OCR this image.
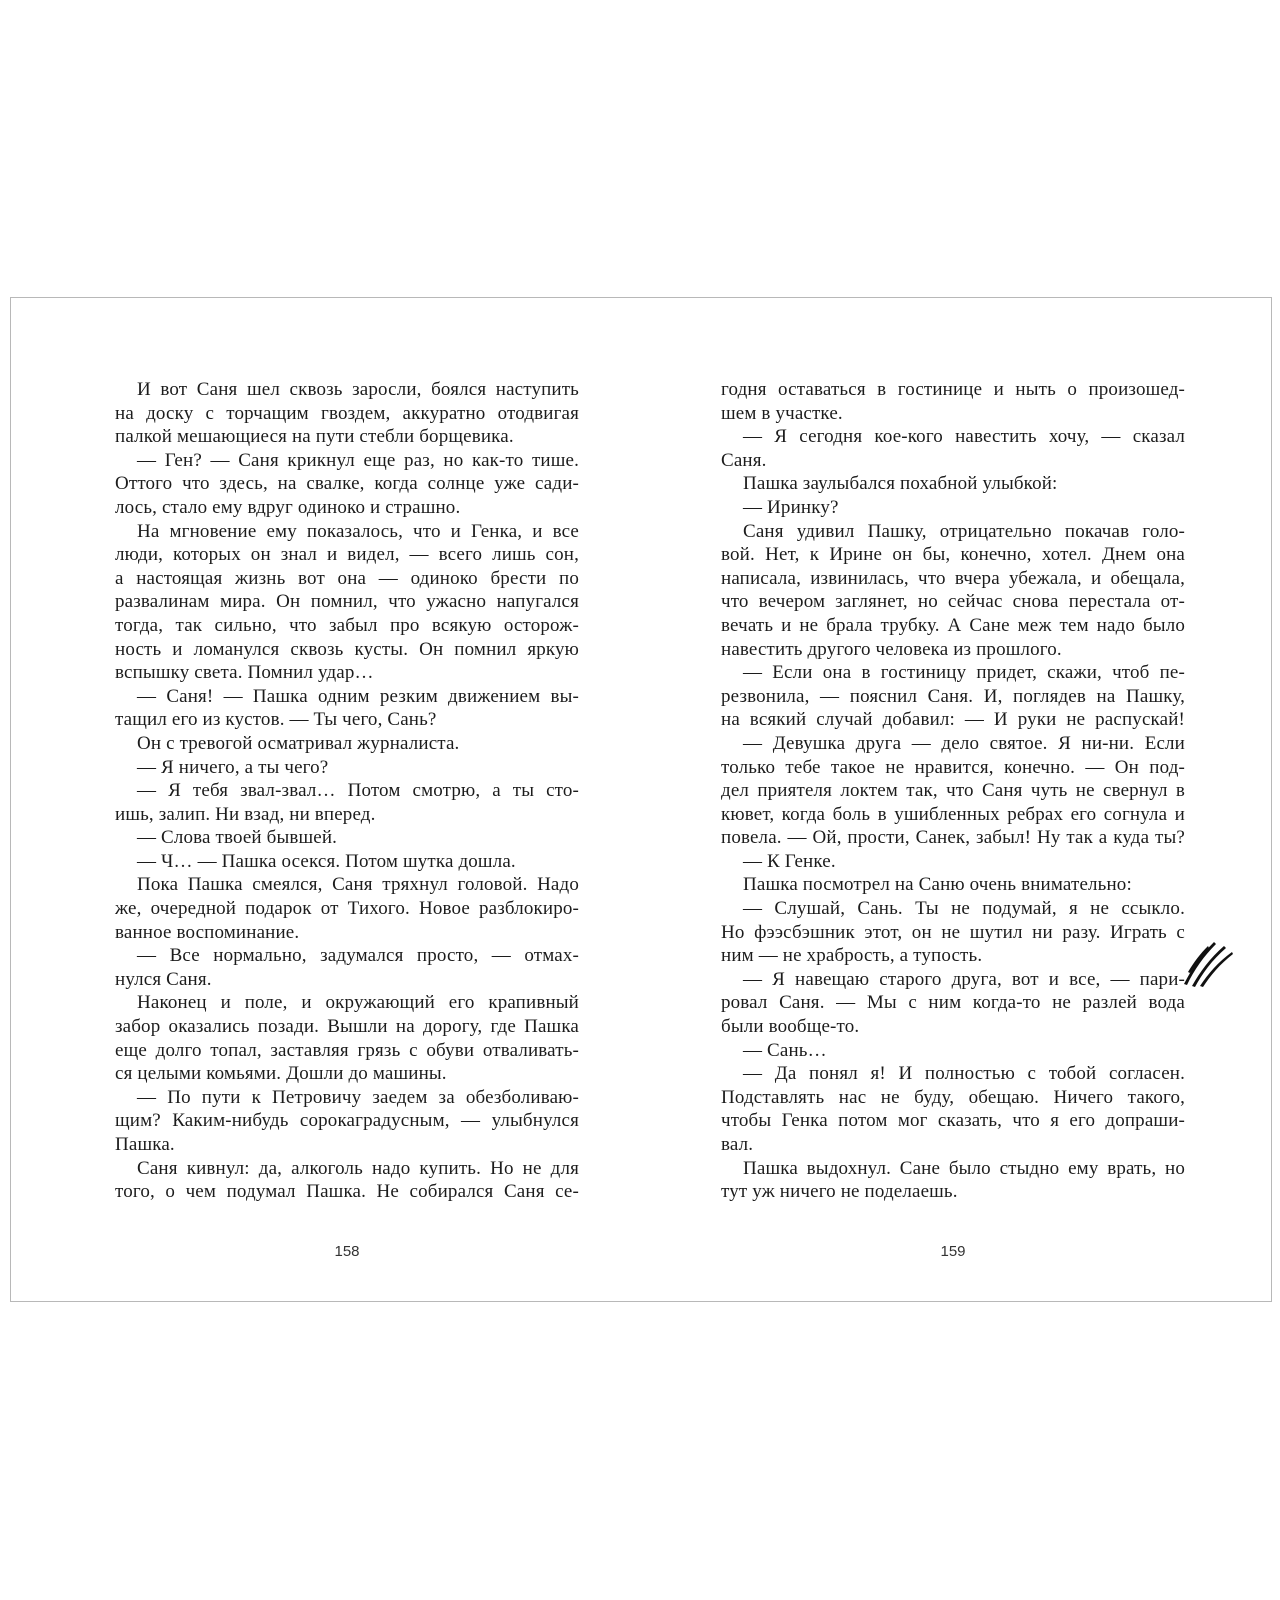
И вот Саня шел сквозь заросли, боялся наступить
на доску с торчащим гвоздем, аккуратно отодвигая
палкой мешающиеся на пути стебли борщевика.
— Ген? — Саня крикнул еще раз, но как-то тише.
Оттого что здесь, на свалке, когда солнце уже сади-
лось, стало ему вдруг одиноко и страшно.
На мгновение ему показалось, что и Генка, и все
люди, которых он знал и видел, — всего лишь сон,
а настоящая жизнь вот она — одиноко брести по
развалинам мира. Он помнил, что ужасно напугался
тогда, так сильно, что забыл про всякую осторож-
ность и ломанулся сквозь кусты. Он помнил яркую
вспышку света. Помнил удар…
— Саня! — Пашка одним резким движением вы-
тащил его из кустов. — Ты чего, Сань?
Он с тревогой осматривал журналиста.
— Я ничего, а ты чего?
— Я тебя звал-звал… Потом смотрю, а ты сто-
ишь, залип. Ни взад, ни вперед.
— Слова твоей бывшей.
— Ч… — Пашка осекся. Потом шутка дошла.
Пока Пашка смеялся, Саня тряхнул головой. Надо
же, очередной подарок от Тихого. Новое разблокиро-
ванное воспоминание.
— Все нормально, задумался просто, — отмах-
нулся Саня.
Наконец и поле, и окружающий его крапивный
забор оказались позади. Вышли на дорогу, где Пашка
еще долго топал, заставляя грязь с обуви отваливать-
ся целыми комьями. Дошли до машины.
— По пути к Петровичу заедем за обезболиваю-
щим? Каким-нибудь сорокаградусным, — улыбнулся
Пашка.
Саня кивнул: да, алкоголь надо купить. Но не для
того, о чем подумал Пашка. Не собирался Саня се-
158
годня оставаться в гостинице и ныть о произошед-
шем в участке.
— Я сегодня кое-кого навестить хочу, — сказал
Саня.
Пашка заулыбался похабной улыбкой:
— Иринку?
Саня удивил Пашку, отрицательно покачав голо-
вой. Нет, к Ирине он бы, конечно, хотел. Днем она
написала, извинилась, что вчера убежала, и обещала,
что вечером заглянет, но сейчас снова перестала от-
вечать и не брала трубку. А Сане меж тем надо было
навестить другого человека из прошлого.
— Если она в гостиницу придет, скажи, чтоб пе-
резвонила, — пояснил Саня. И, поглядев на Пашку,
на всякий случай добавил: — И руки не распускай!
— Девушка друга — дело святое. Я ни-ни. Если
только тебе такое не нравится, конечно. — Он под-
дел приятеля локтем так, что Саня чуть не свернул в
кювет, когда боль в ушибленных ребрах его согнула и
повела. — Ой, прости, Санек, забыл! Ну так а куда ты?
— К Генке.
Пашка посмотрел на Саню очень внимательно:
— Слушай, Сань. Ты не подумай, я не ссыкло.
Но фээсбэшник этот, он не шутил ни разу. Играть с
ним — не храбрость, а тупость.
— Я навещаю старого друга, вот и все, — пари-
ровал Саня. — Мы с ним когда-то не разлей вода
были вообще-то.
— Сань…
— Да понял я! И полностью с тобой согласен.
Подставлять нас не буду, обещаю. Ничего такого,
чтобы Генка потом мог сказать, что я его допраши-
вал.
Пашка выдохнул. Сане было стыдно ему врать, но
тут уж ничего не поделаешь.
159
